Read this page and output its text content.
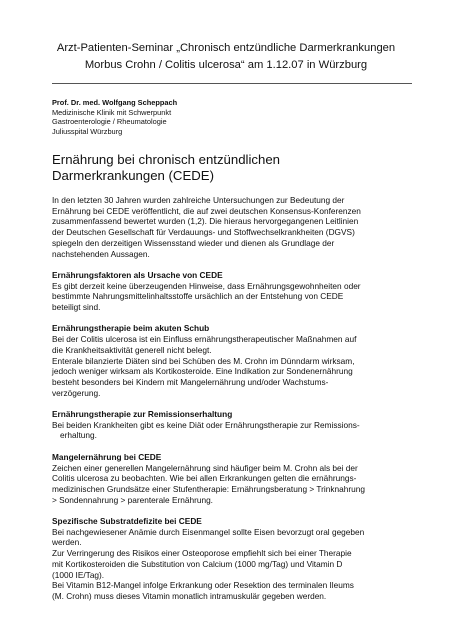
Arzt-Patienten-Seminar „Chronisch entzündliche Darmerkrankungen
Morbus Crohn / Colitis ulcerosa“ am 1.12.07 in Würzburg
Prof. Dr. med. Wolfgang Scheppach
Medizinische Klinik mit Schwerpunkt
Gastroenterologie / Rheumatologie
Juliusspital Würzburg
Ernährung bei chronisch entzündlichen
Darmerkrankungen (CEDE)

In den letzten 30 Jahren wurden zahlreiche Untersuchungen zur Bedeutung der

Ernährung bei CEDE veröffentlicht, die auf zwei deutschen Konsensus-Konferenzen

zusammenfassend bewertet wurden (1,2). Die hieraus hervorgegangenen Leitlinien

der Deutschen Gesellschaft für Verdauungs- und Stoffwechselkrankheiten (DGVS)

spiegeln den derzeitigen Wissensstand wieder und dienen als Grundlage der

nachstehenden Aussagen.

Ernährungsfaktoren als Ursache von CEDE

Es gibt derzeit keine überzeugenden Hinweise, dass Ernährungsgewohnheiten oder

bestimmte Nahrungsmittelinhaltsstoffe ursächlich an der Entstehung von CEDE

beteiligt sind.

Ernährungstherapie beim akuten Schub

Bei der Colitis ulcerosa ist ein Einfluss ernährungstherapeutischer Maßnahmen auf

die Krankheitsaktivität generell nicht belegt.

Enterale bilanzierte Diäten sind bei Schüben des M. Crohn im Dünndarm wirksam,

jedoch weniger wirksam als Kortikosteroide. Eine Indikation zur Sondenernährung

besteht besonders bei Kindern mit Mangelernährung und/oder Wachstums-

verzögerung.

Ernährungstherapie zur Remissionserhaltung

Bei beiden Krankheiten gibt es keine Diät oder Ernährungstherapie zur Remissions-

erhaltung.

Mangelernährung bei CEDE

Zeichen einer generellen Mangelernährung sind häufiger beim M. Crohn als bei der

Colitis ulcerosa zu beobachten. Wie bei allen Erkrankungen gelten die ernährungs-

medizinischen Grundsätze einer Stufentherapie: Ernährungsberatung > Trinknahrung

> Sondennahrung > parenterale Ernährung.

Spezifische Substratdefizite bei CEDE

Bei nachgewiesener Anämie durch Eisenmangel sollte Eisen bevorzugt oral gegeben

werden.

Zur Verringerung des Risikos einer Osteoporose empfiehlt sich bei einer Therapie

mit Kortikosteroiden die Substitution von Calcium (1000 mg/Tag) und Vitamin D

(1000 IE/Tag).

Bei Vitamin B12-Mangel infolge Erkrankung oder Resektion des terminalen Ileums

(M. Crohn) muss dieses Vitamin monatlich intramuskulär gegeben werden.
